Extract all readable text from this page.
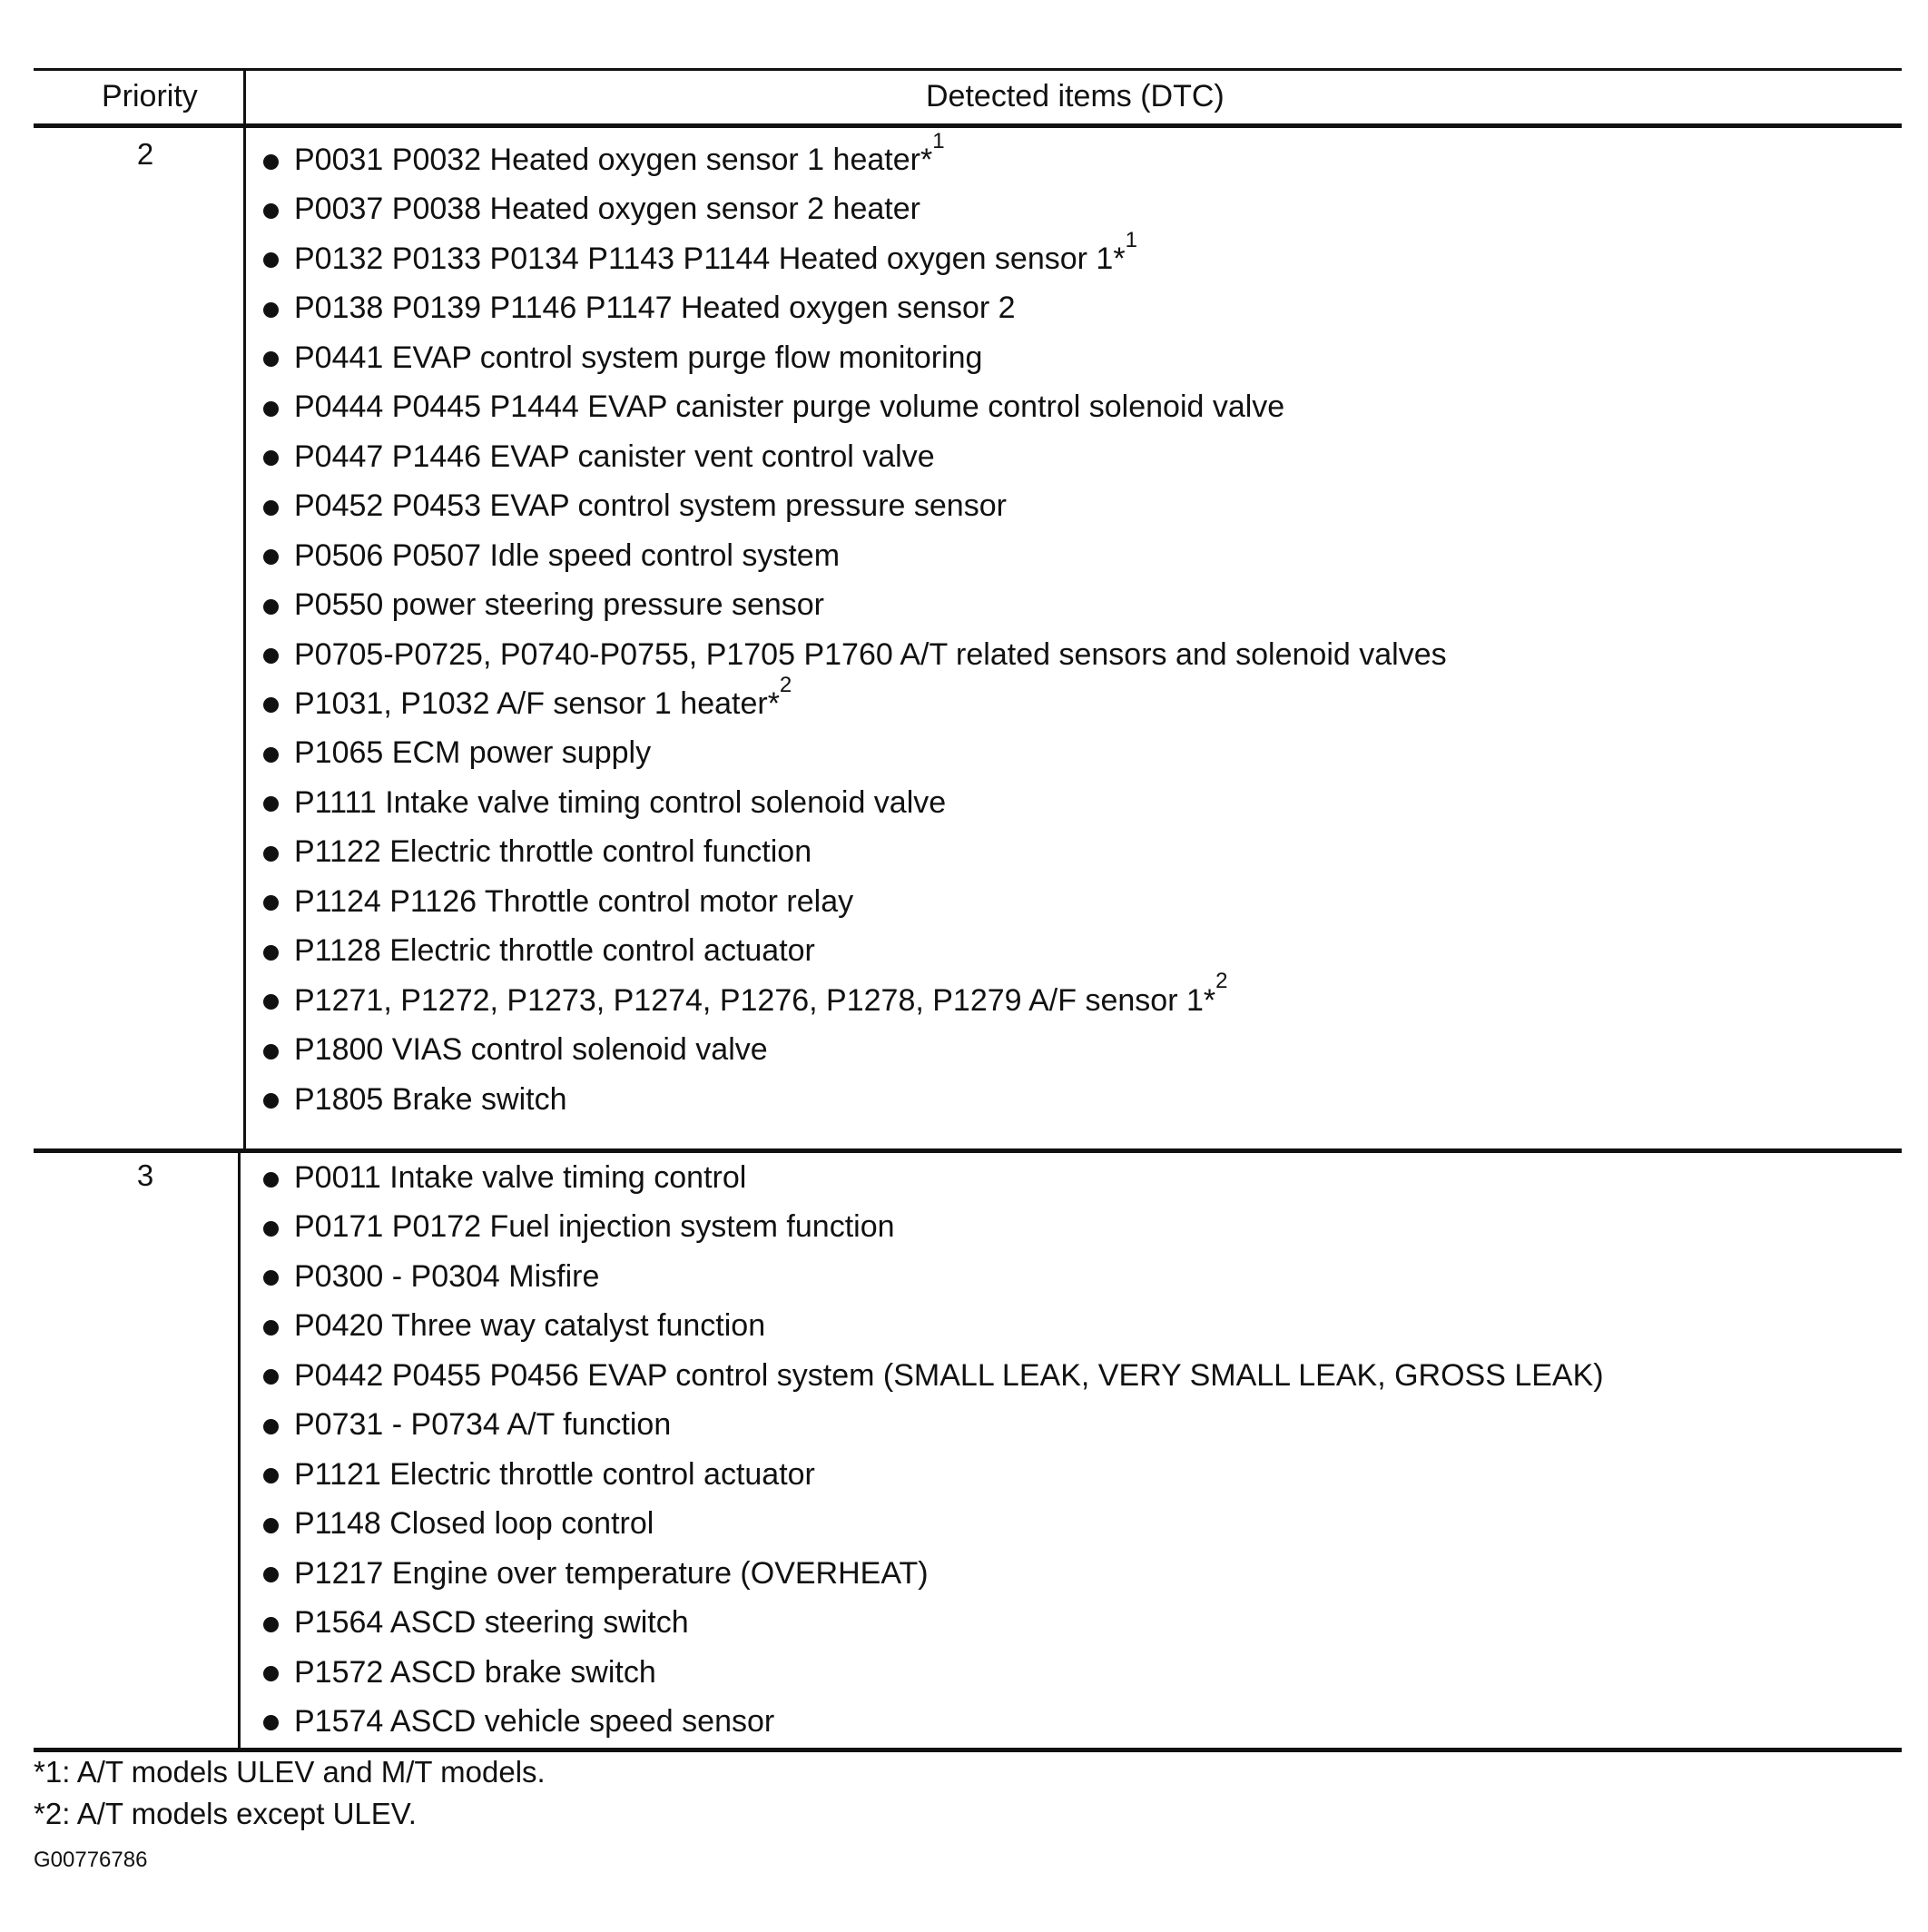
Priority	Detected items (DTC)
2
3
P0031 P0032 Heated oxygen sensor 1 heater*$^1$
P0037 P0038 Heated oxygen sensor 2 heater
P0132 P0133 P0134 P1143 P1144 Heated oxygen sensor 1*$^1$
P0138 P0139 P1146 P1147 Heated oxygen sensor 2
P0441 EVAP control system purge flow monitoring
P0444 P0445 P1444 EVAP canister purge volume control solenoid valve
P0447 P1446 EVAP canister vent control valve
P0452 P0453 EVAP control system pressure sensor
P0506 P0507 Idle speed control system
P0550 power steering pressure sensor
P0705-P0725, P0740-P0755, P1705 P1760 A/T related sensors and solenoid valves
P1031, P1032 A/F sensor 1 heater*$^2$
P1065 ECM power supply
P1111 Intake valve timing control solenoid valve
P1122 Electric throttle control function
P1124 P1126 Throttle control motor relay
P1128 Electric throttle control actuator
P1271, P1272, P1273, P1274, P1276, P1278, P1279 A/F sensor 1*$^2$
P1800 VIAS control solenoid valve
P1805 Brake switch
P0011 Intake valve timing control
P0171 P0172 Fuel injection system function
P0300 - P0304 Misfire
P0420 Three way catalyst function
P0442 P0455 P0456 EVAP control system (SMALL LEAK, VERY SMALL LEAK, GROSS LEAK)
P0731 - P0734 A/T function
P1121 Electric throttle control actuator
P1148 Closed loop control
P1217 Engine over temperature (OVERHEAT)
P1564 ASCD steering switch
P1572 ASCD brake switch
P1574 ASCD vehicle speed sensor
*1: A/T models ULEV and M/T models.
*2: A/T models except ULEV.
G00776786
